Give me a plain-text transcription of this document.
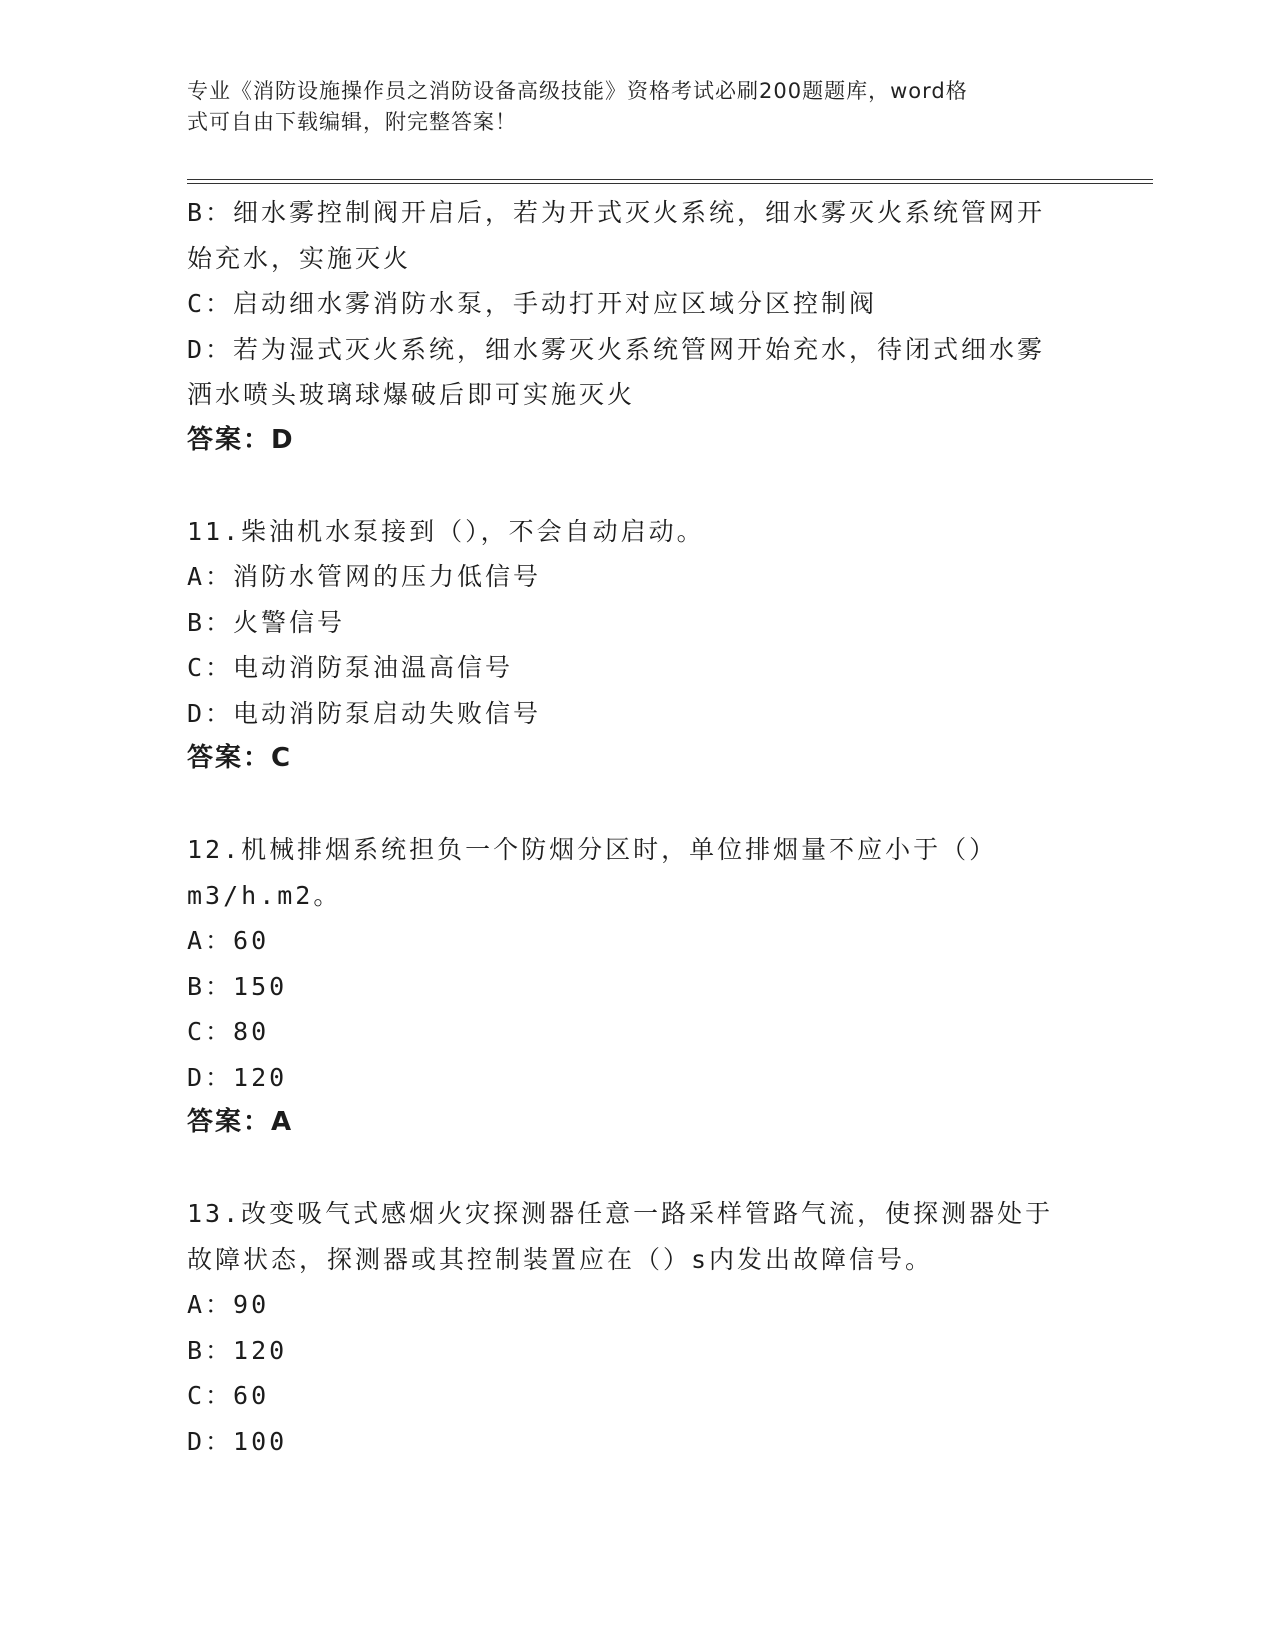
专业《消防设施操作员之消防设备高级技能》资格考试必刷200题题库，word格
式可自由下载编辑，附完整答案！
B：细水雾控制阀开启后，若为开式灭火系统，细水雾灭火系统管网开
始充水，实施灭火
C：启动细水雾消防水泵，手动打开对应区域分区控制阀
D：若为湿式灭火系统，细水雾灭火系统管网开始充水，待闭式细水雾
洒水喷头玻璃球爆破后即可实施灭火
答案：D
11.柴油机水泵接到（），不会自动启动。
A：消防水管网的压力低信号
B：火警信号
C：电动消防泵油温高信号
D：电动消防泵启动失败信号
答案：C
12.机械排烟系统担负一个防烟分区时，单位排烟量不应小于（）
m3/h.m2。
A：60
B：150
C：80
D：120
答案：A
13.改变吸气式感烟火灾探测器任意一路采样管路气流，使探测器处于
故障状态，探测器或其控制装置应在（）s内发出故障信号。
A：90
B：120
C：60
D：100
